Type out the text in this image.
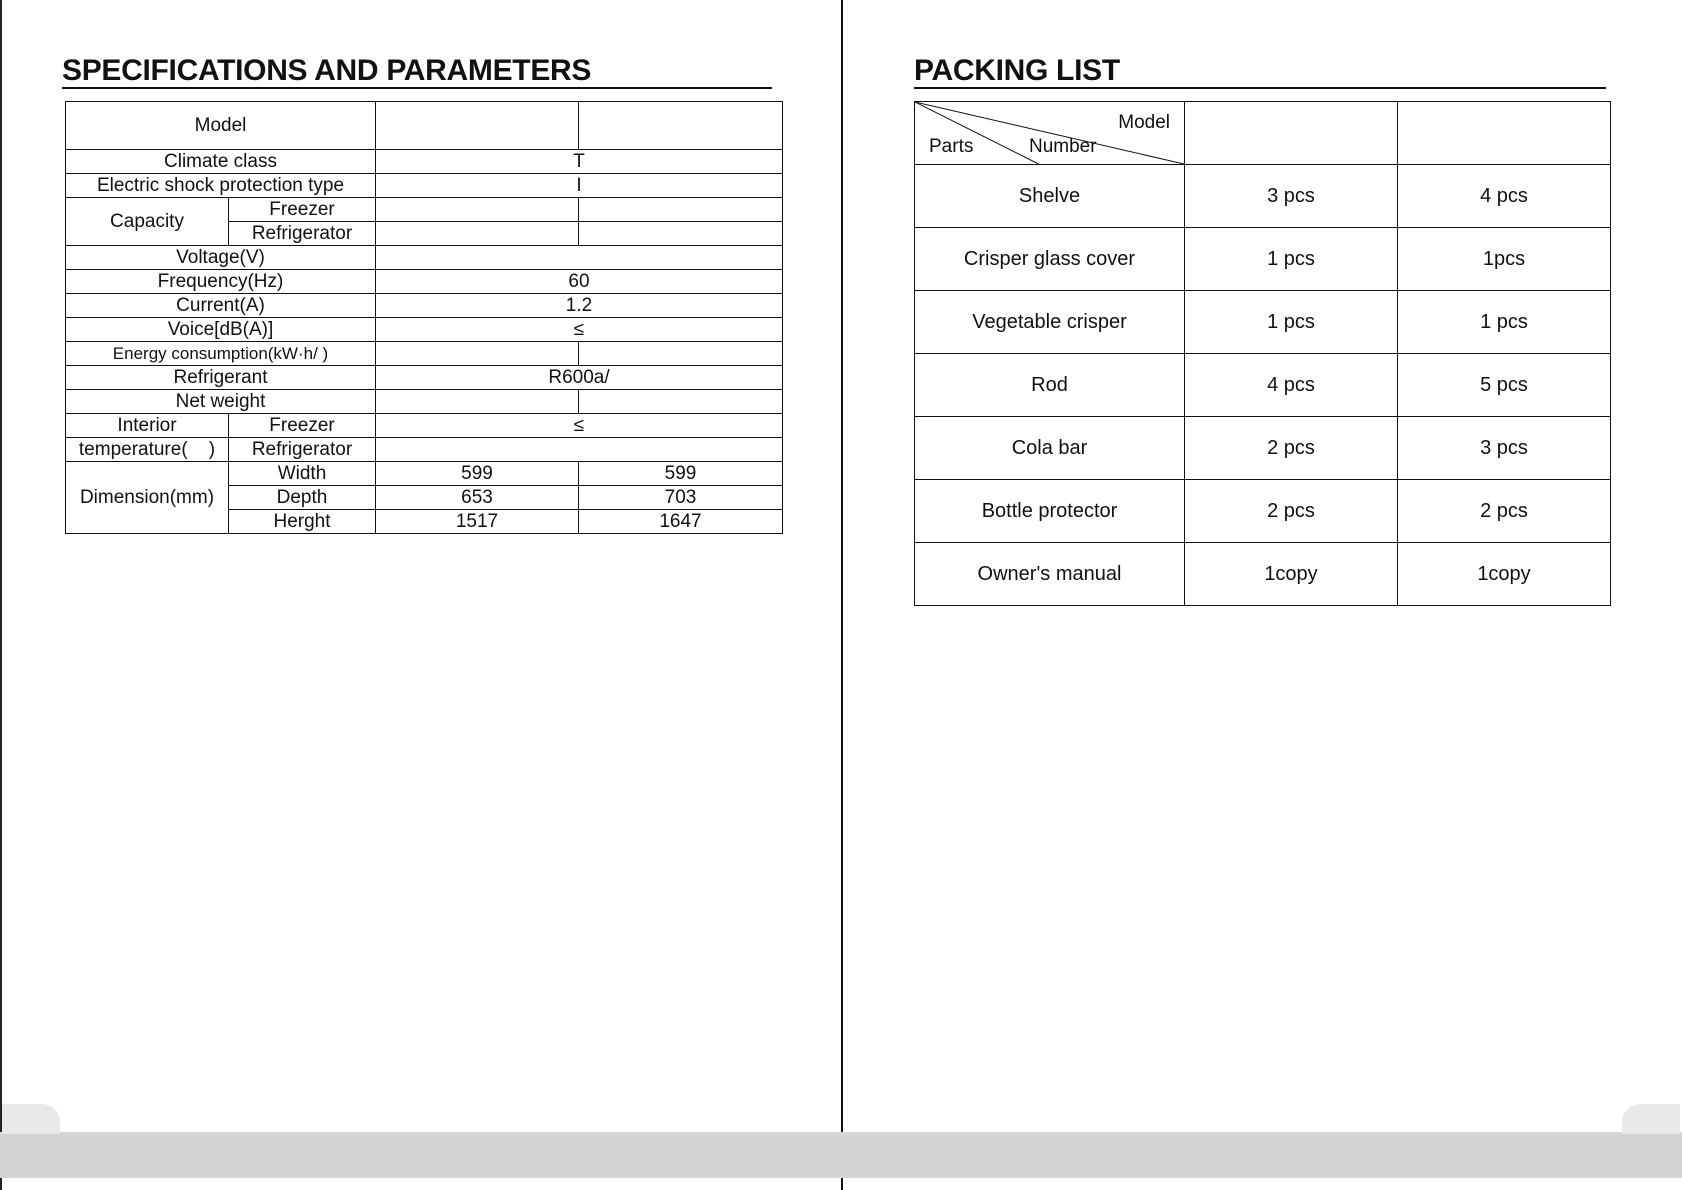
SPECIFICATIONS AND PARAMETERS
Model			
Climate class		T	
Electric shock protection type		I	
Capacity	Freezer		
	Refrigerator		
Voltage(V)			
Frequency(Hz)		60	
Current(A)		1.2	
Voice[dB(A)]		≤	
Energy consumption(kW·h/ )			
Refrigerant		R600a/	
Net weight			
Interior	Freezer	≤	
temperature(    )	Refrigerator		
Dimension(mm)	Width	599	599
	Depth	653	703
	Herght	1517	1647
PACKING LIST
Model
Parts Number		

Shelve	3 pcs	4 pcs
Crisper glass cover	1 pcs	1pcs
Vegetable crisper	1 pcs	1 pcs
Rod	4 pcs	5 pcs
Cola bar	2 pcs	3 pcs
Bottle protector	2 pcs	2 pcs
Owner's manual	1copy	1copy
